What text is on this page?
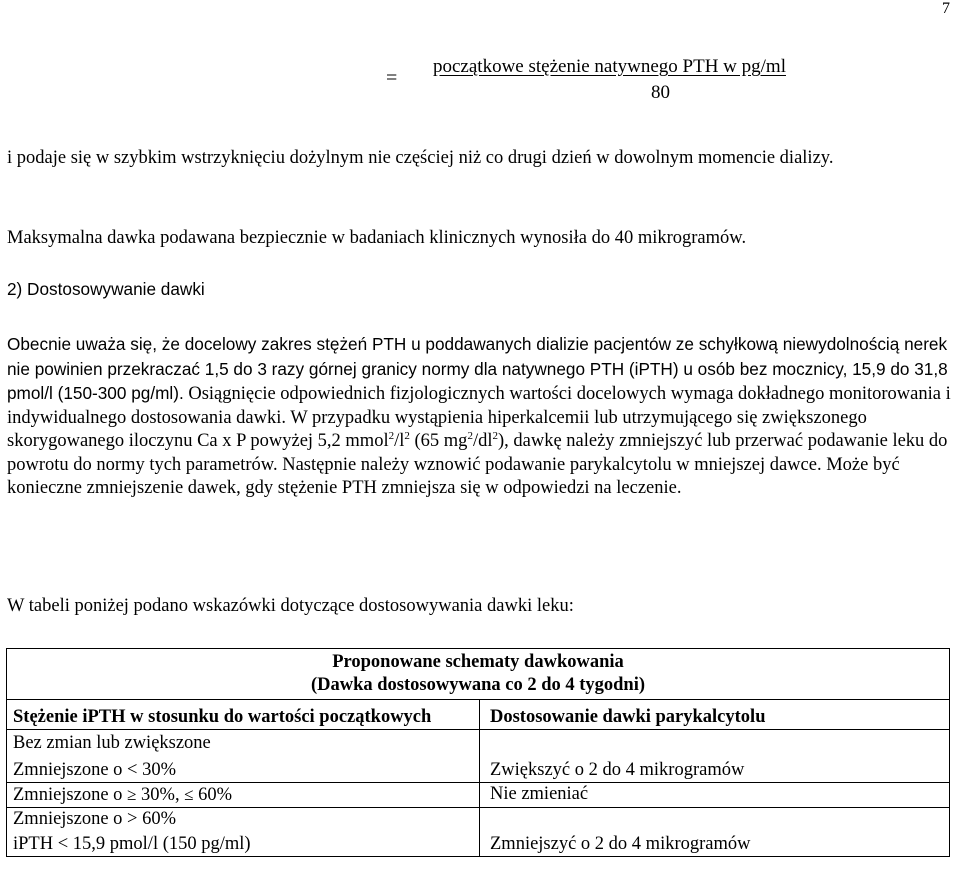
7
=
początkowe stężenie natywnego PTH w pg/ml
80

i podaje się w szybkim wstrzyknięciu dożylnym nie częściej niż co drugi dzień w dowolnym momencie dializy.

Maksymalna dawka podawana bezpiecznie w badaniach klinicznych wynosiła do 40 mikrogramów.

2) Dostosowywanie dawki

Obecnie uważa się, że docelowy zakres stężeń PTH u poddawanych dializie pacjentów ze schyłkową niewydolnością nerek nie powinien przekraczać 1,5 do 3 razy górnej granicy normy dla natywnego PTH (iPTH) u osób bez mocznicy, 15,9 do 31,8 pmol/l (150-300 pg/ml). Osiągnięcie odpowiednich fizjologicznych wartości docelowych wymaga dokładnego monitorowania i indywidualnego dostosowania dawki. W przypadku wystąpienia hiperkalcemii lub utrzymującego się zwiększonego skorygowanego iloczynu Ca x P powyżej 5,2 $mmol^2/l^2$ (65 $mg^2/dl^2$), dawkę należy zmniejszyć lub przerwać podawanie leku do powrotu do normy tych parametrów. Następnie należy wznowić podawanie parykalcytolu w mniejszej dawce. Może być konieczne zmniejszenie dawek, gdy stężenie PTH zmniejsza się w odpowiedzi na leczenie.

W tabeli poniżej podano wskazówki dotyczące dostosowywania dawki leku:

Proponowane schematy dawkowania
(Dawka dostosowywana co 2 do 4 tygodni)	

Stężenie iPTH w stosunku do wartości początkowych	Dostosowanie dawki parykalcytolu

Bez zmian lub zwiększone
Zmniejszone o < 30%	Zwiększyć o 2 do 4 mikrogramów
Zmniejszone o ≥ 30%, ≤ 60%	Nie zmieniać

Zmniejszone o > 60%
iPTH < 15,9 pmol/l (150 pg/ml)	Zmniejszyć o 2 do 4 mikrogramów
